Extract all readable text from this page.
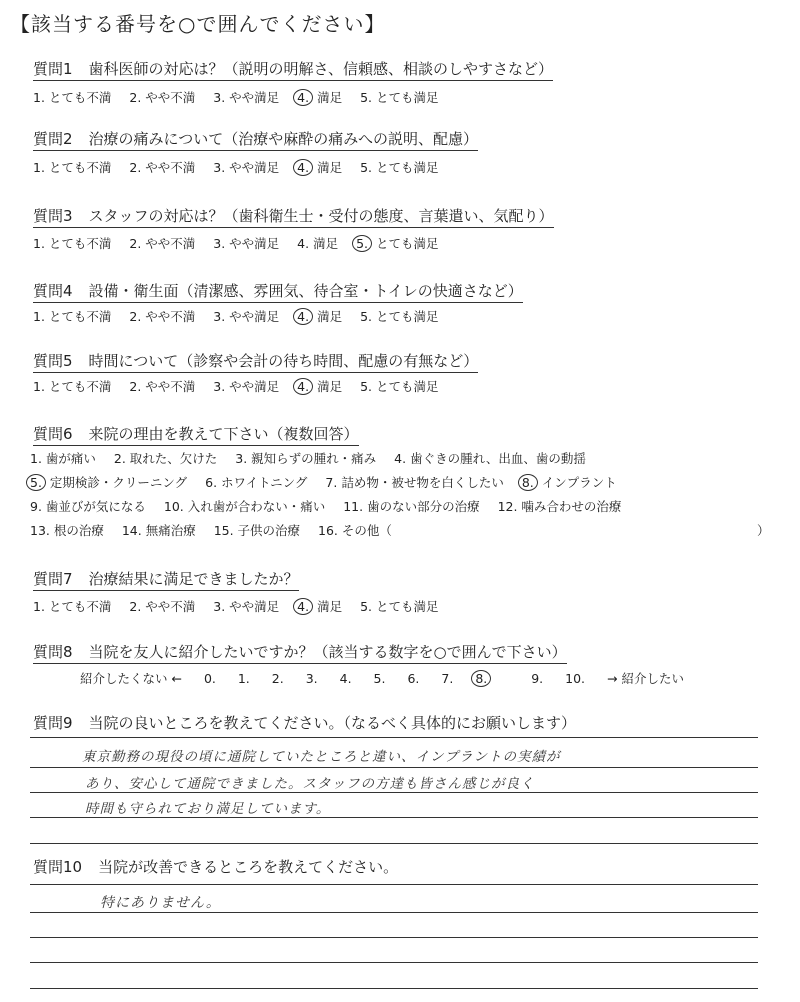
【該当する番号を○で囲んでください】
質問1 歯科医師の対応は？（説明の明解さ、信頼感、相談のしやすさなど）
1. とても不満 2. やや不満 3. やや満足 4. 満足 5. とても満足
質問2 治療の痛みについて（治療や麻酔の痛みへの説明、配慮）
1. とても不満 2. やや不満 3. やや満足 4. 満足 5. とても満足
質問3 スタッフの対応は？（歯科衛生士・受付の態度、言葉遣い、気配り）
1. とても不満 2. やや不満 3. やや満足 4. 満足 5. とても満足
質問4 設備・衛生面（清潔感、雰囲気、待合室・トイレの快適さなど）
1. とても不満 2. やや不満 3. やや満足 4. 満足 5. とても満足
質問5 時間について（診察や会計の待ち時間、配慮の有無など）
1. とても不満 2. やや不満 3. やや満足 4. 満足 5. とても満足
質問6 来院の理由を教えて下さい（複数回答）
1. 歯が痛い 2. 取れた、欠けた 3. 親知らずの腫れ・痛み 4. 歯ぐきの腫れ、出血、歯の動揺
5. 定期検診・クリーニング 6. ホワイトニング 7. 詰め物・被せ物を白くしたい 8. インプラント
9. 歯並びが気になる 10. 入れ歯が合わない・痛い 11. 歯のない部分の治療 12. 噛み合わせの治療
13. 根の治療 14. 無痛治療 15. 子供の治療 16. その他（	）
質問7 治療結果に満足できましたか？
1. とても不満 2. やや不満 3. やや満足 4. 満足 5. とても満足
質問8 当院を友人に紹介したいですか？（該当する数字を○で囲んで下さい）
紹介したくない ← 0. 1. 2. 3. 4. 5. 6. 7. 8.	9. 10. → 紹介したい
質問9 当院の良いところを教えてください。（なるべく具体的にお願いします）
東京勤務の現役の頃に通院していたところと違い、インプラントの実績が
あり、安心して通院できました。スタッフの方達も皆さん感じが良く
時間も守られており満足しています。
質問10 当院が改善できるところを教えてください。
特にありません。
